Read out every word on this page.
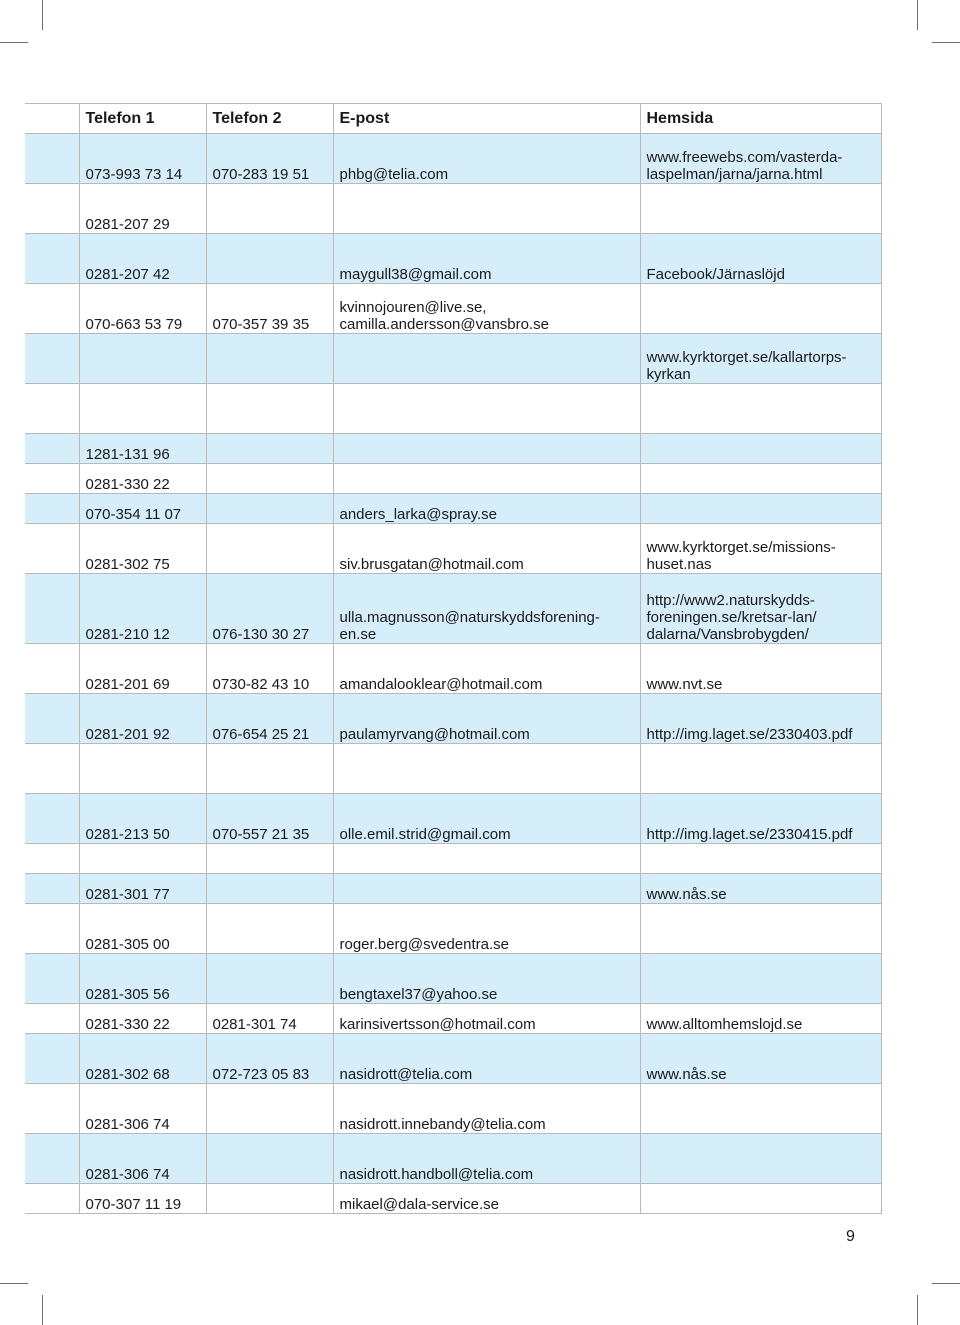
	Telefon 1	Telefon 2	E-post	Hemsida
	073-993 73 14	070-283 19 51	phbg@telia.com	www.freewebs.com/vasterda-
laspelman/jarna/jarna.html

	0281-207 29			
	0281-207 42		maygull38@gmail.com	Facebook/Järnaslöjd
	070-663 53 79	070-357 39 35	kvinnojouren@live.se,
camilla.andersson@vansbro.se	

				www.kyrktorget.se/kallartorps-
kyrkan

	1281-131 96			
	0281-330 22			
	070-354 11 07		anders_larka@spray.se	
	0281-302 75		siv.brusgatan@hotmail.com	www.kyrktorget.se/missions-
huset.nas

	0281-210 12	076-130 30 27	ulla.magnusson@naturskyddsforening-
en.se	http://www2.naturskydds-
foreningen.se/kretsar-lan/
dalarna/Vansbrobygden/

	0281-201 69	0730-82 43 10	amandalooklear@hotmail.com	www.nvt.se
	0281-201 92	076-654 25 21	paulamyrvang@hotmail.com	http://img.laget.se/2330403.pdf

	0281-213 50	070-557 21 35	olle.emil.strid@gmail.com	http://img.laget.se/2330415.pdf

	0281-301 77			www.nås.se
	0281-305 00		roger.berg@svedentra.se	
	0281-305 56		bengtaxel37@yahoo.se	
	0281-330 22	0281-301 74	karinsivertsson@hotmail.com	www.alltomhemslojd.se
	0281-302 68	072-723 05 83	nasidrott@telia.com	www.nås.se
	0281-306 74		nasidrott.innebandy@telia.com	
	0281-306 74		nasidrott.handboll@telia.com	
	070-307 11 19		mikael@dala-service.se	
9
